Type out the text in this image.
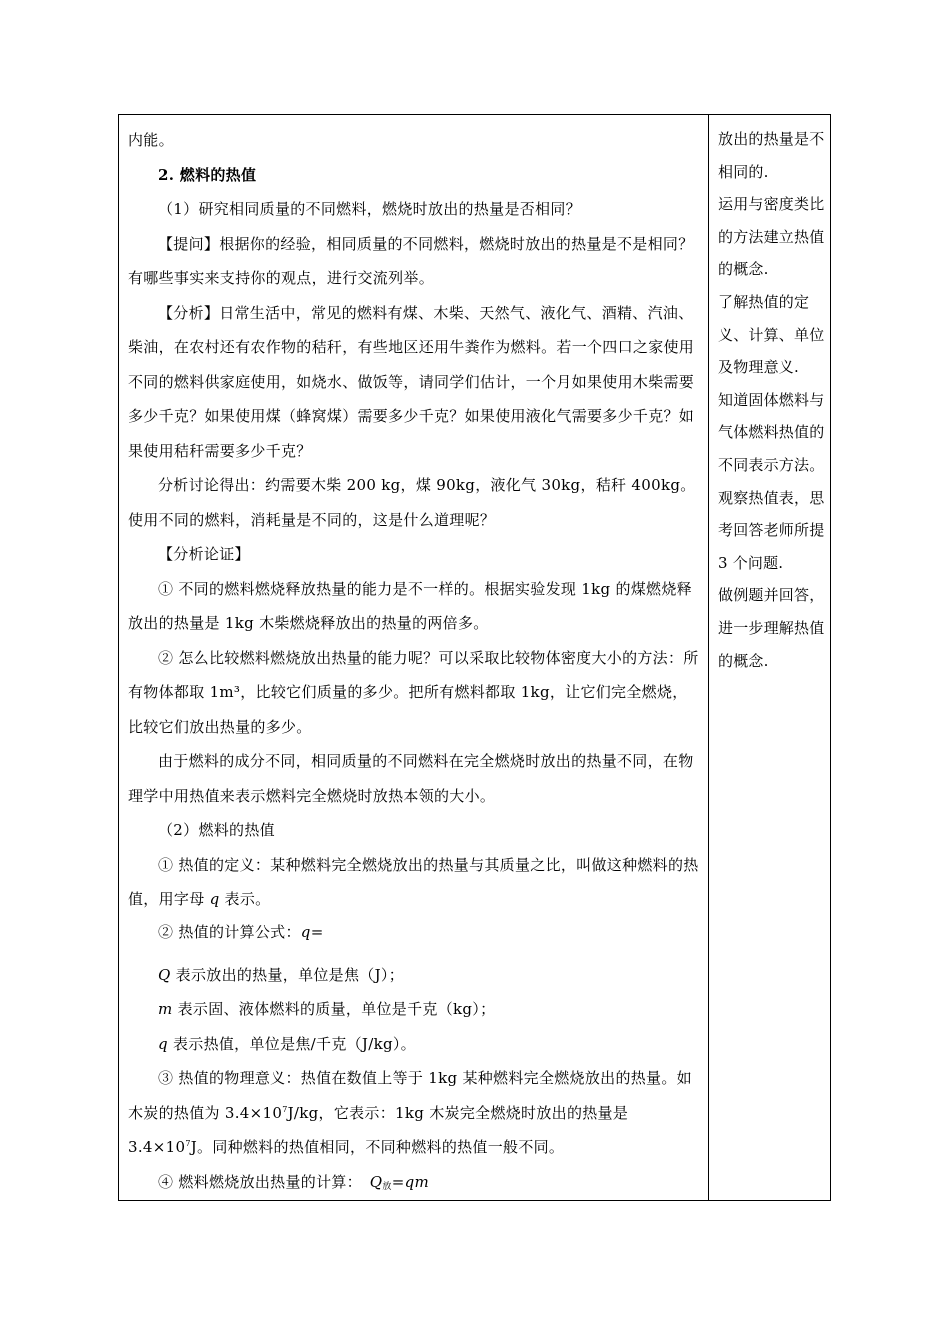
内能。

2. 燃料的热值

（1）研究相同质量的不同燃料，燃烧时放出的热量是否相同？

【提问】根据你的经验，相同质量的不同燃料，燃烧时放出的热量是不是相同？有哪些事实来支持你的观点，进行交流列举。

【分析】日常生活中，常见的燃料有煤、木柴、天然气、液化气、酒精、汽油、柴油，在农村还有农作物的秸秆，有些地区还用牛粪作为燃料。若一个四口之家使用不同的燃料供家庭使用，如烧水、做饭等，请同学们估计，一个月如果使用木柴需要多少千克？如果使用煤（蜂窝煤）需要多少千克？如果使用液化气需要多少千克？如果使用秸秆需要多少千克？

分析讨论得出：约需要木柴 200 kg，煤 90kg，液化气 30kg，秸秆 400kg。使用不同的燃料，消耗量是不同的，这是什么道理呢？

【分析论证】

① 不同的燃料燃烧释放热量的能力是不一样的。根据实验发现 1kg 的煤燃烧释放出的热量是 1kg 木柴燃烧释放出的热量的两倍多。

② 怎么比较燃料燃烧放出热量的能力呢？可以采取比较物体密度大小的方法：所有物体都取 1m³，比较它们质量的多少。把所有燃料都取 1kg，让它们完全燃烧，比较它们放出热量的多少。

由于燃料的成分不同，相同质量的不同燃料在完全燃烧时放出的热量不同，在物理学中用热值来表示燃料完全燃烧时放热本领的大小。

（2）燃料的热值

① 热值的定义：某种燃料完全燃烧放出的热量与其质量之比，叫做这种燃料的热值，用字母 q 表示。

② 热值的计算公式：q=

Q 表示放出的热量，单位是焦（J）；

m 表示固、液体燃料的质量，单位是千克（kg）；

q 表示热值，单位是焦/千克（J/kg）。

③ 热值的物理意义：热值在数值上等于 1kg 某种燃料完全燃烧放出的热量。如木炭的热值为 $3.4\times 10^7J/kg$，它表示：1kg 木炭完全燃烧时放出的热量是 $3.4\times 10^7J$。同种燃料的热值相同，不同种燃料的热值一般不同。

④ 燃料燃烧放出热量的计算：　$Q_放=qm$

放出的热量是不相同的.

运用与密度类比的方法建立热值的概念.

了解热值的定义、计算、单位及物理意义.

知道固体燃料与气体燃料热值的不同表示方法。

观察热值表，思考回答老师所提 3 个问题.

做例题并回答，进一步理解热值的概念.
